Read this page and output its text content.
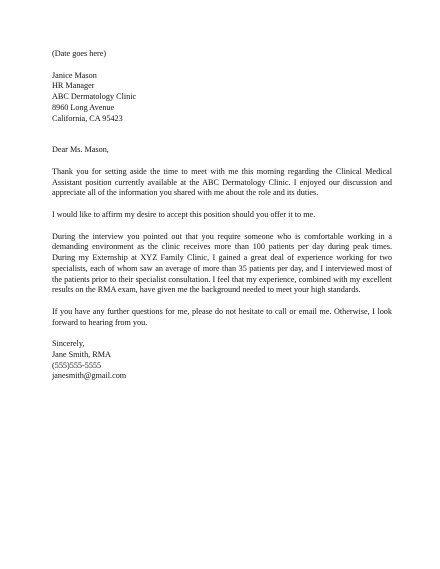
(Date goes here)
Janice Mason
HR Manager
ABC Dermatology Clinic
8960 Long Avenue
California, CA 95423
Dear Ms. Mason,

Thank you for setting aside the time to meet with me this morning regarding the Clinical Medical Assistant position currently available at the ABC Dermatology Clinic. I enjoyed our discussion and appreciate all of the information you shared with me about the role and its duties.

I would like to affirm my desire to accept this position should you offer it to me.

During the interview you pointed out that you require someone who is comfortable working in a demanding environment as the clinic receives more than 100 patients per day during peak times. During my Externship at XYZ Family Clinic, I gained a great deal of experience working for two specialists, each of whom saw an average of more than 35 patients per day, and I interviewed most of the patients prior to their specialist consultation. I feel that my experience, combined with my excellent results on the RMA exam, have given me the background needed to meet your high standards.

If you have any further questions for me, please do not hesitate to call or email me. Otherwise, I look forward to hearing from you.

Sincerely,
Jane Smith, RMA
(555)555-5555
janesmith@gmail.com
